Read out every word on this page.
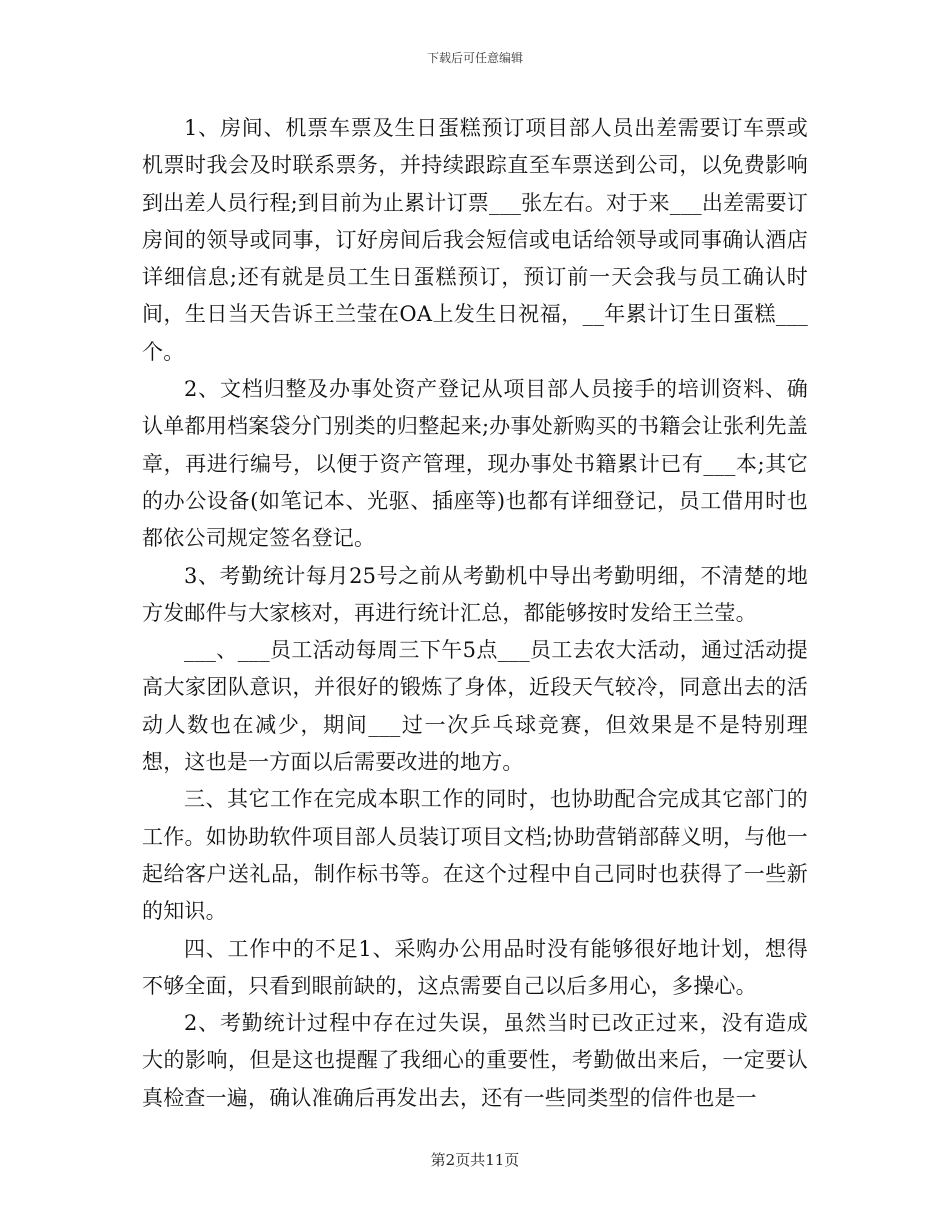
下载后可任意编辑

1、房间、机票车票及生日蛋糕预订项目部人员出差需要订车票或机票时我会及时联系票务，并持续跟踪直至车票送到公司，以免费影响到出差人员行程;到目前为止累计订票___张左右。对于来___出差需要订房间的领导或同事，订好房间后我会短信或电话给领导或同事确认酒店详细信息;还有就是员工生日蛋糕预订，预订前一天会我与员工确认时间，生日当天告诉王兰莹在OA上发生日祝福，__年累计订生日蛋糕___个。

2、文档归整及办事处资产登记从项目部人员接手的培训资料、确认单都用档案袋分门别类的归整起来;办事处新购买的书籍会让张利先盖章，再进行编号，以便于资产管理，现办事处书籍累计已有___本;其它的办公设备(如笔记本、光驱、插座等)也都有详细登记，员工借用时也都依公司规定签名登记。

3、考勤统计每月25号之前从考勤机中导出考勤明细，不清楚的地方发邮件与大家核对，再进行统计汇总，都能够按时发给王兰莹。

___、___员工活动每周三下午5点___员工去农大活动，通过活动提高大家团队意识，并很好的锻炼了身体，近段天气较冷，同意出去的活动人数也在减少，期间___过一次乒乓球竞赛，但效果是不是特别理想，这也是一方面以后需要改进的地方。

三、其它工作在完成本职工作的同时，也协助配合完成其它部门的工作。如协助软件项目部人员装订项目文档;协助营销部薛义明，与他一起给客户送礼品，制作标书等。在这个过程中自己同时也获得了一些新的知识。

四、工作中的不足1、采购办公用品时没有能够很好地计划，想得不够全面，只看到眼前缺的，这点需要自己以后多用心，多操心。

2、考勤统计过程中存在过失误，虽然当时已改正过来，没有造成大的影响，但是这也提醒了我细心的重要性，考勤做出来后，一定要认真检查一遍，确认准确后再发出去，还有一些同类型的信件也是一

第2页共11页
